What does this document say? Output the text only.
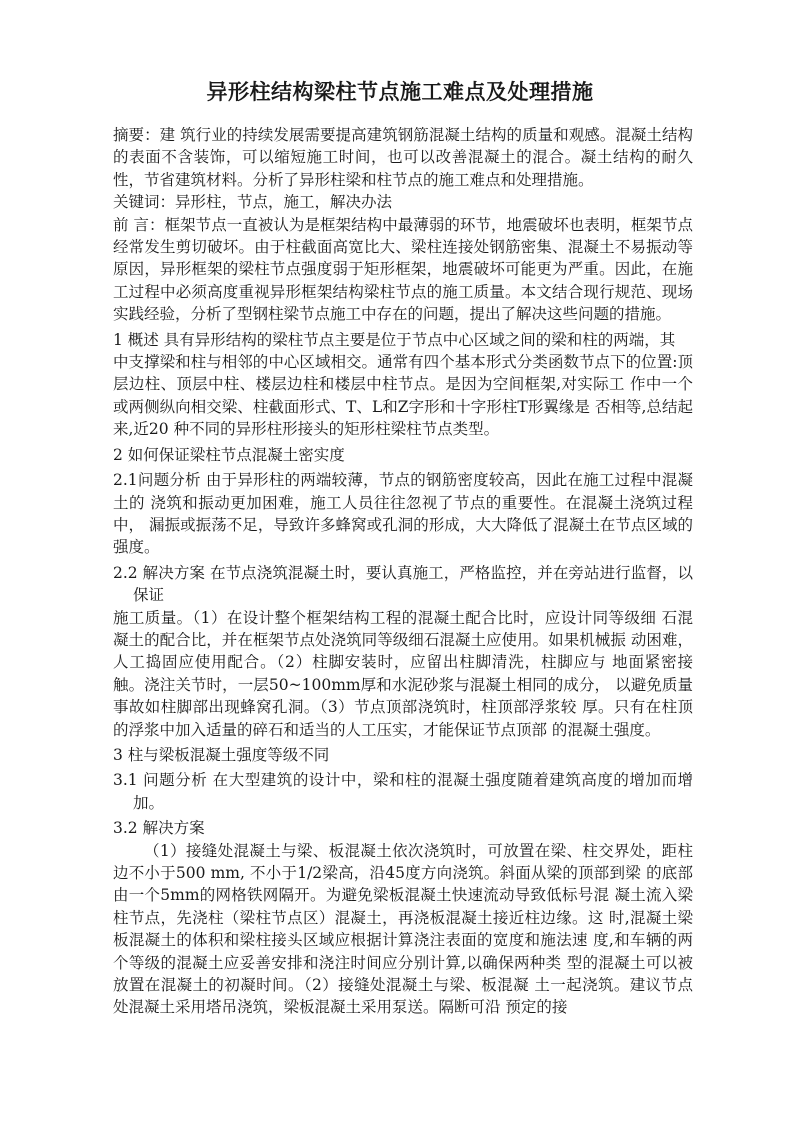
异形柱结构梁柱节点施工难点及处理措施

摘要：建 筑行业的持续发展需要提高建筑钢筋混凝土结构的质量和观感。混凝土结构的表面不含装饰，可以缩短施工时间，也可以改善混凝土的混合。凝土结构的耐久性，节省建筑材料。分析了异形柱梁和柱节点的施工难点和处理措施。

关键词：异形柱，节点，施工，解决办法

前 言：框架节点一直被认为是框架结构中最薄弱的环节，地震破坏也表明，框架节点经常发生剪切破坏。由于柱截面高宽比大、梁柱连接处钢筋密集、混凝土不易振动等原因，异形框架的梁柱节点强度弱于矩形框架，地震破坏可能更为严重。因此，在施工过程中必须高度重视异形框架结构梁柱节点的施工质量。本文结合现行规范、现场实践经验，分析了型钢柱梁节点施工中存在的问题，提出了解决这些问题的措施。

1 概述 具有异形结构的梁柱节点主要是位于节点中心区域之间的梁和柱的两端，其

中支撑梁和柱与相邻的中心区域相交。通常有四个基本形式分类函数节点下的位置:顶层边柱、顶层中柱、楼层边柱和楼层中柱节点。是因为空间框架,对实际工 作中一个或两侧纵向相交梁、柱截面形式、T、L和Z字形和十字形柱T形翼缘是 否相等,总结起来,近20 种不同的异形柱形接头的矩形柱梁柱节点类型。

2 如何保证梁柱节点混凝土密实度

2.1问题分析 由于异形柱的两端较薄，节点的钢筋密度较高，因此在施工过程中混凝土的 浇筑和振动更加困难，施工人员往往忽视了节点的重要性。在混凝土浇筑过程中， 漏振或振荡不足，导致许多蜂窝或孔洞的形成，大大降低了混凝土在节点区域的 强度。

2.2 解决方案 在节点浇筑混凝土时，要认真施工，严格监控，并在旁站进行监督，以保证

施工质量。（1）在设计整个框架结构工程的混凝土配合比时，应设计同等级细 石混凝土的配合比，并在框架节点处浇筑同等级细石混凝土应使用。如果机械振 动困难，人工捣固应使用配合。（2）柱脚安装时，应留出柱脚清洗，柱脚应与 地面紧密接触。浇注关节时，一层50~100mm厚和水泥砂浆与混凝土相同的成分， 以避免质量事故如柱脚部出现蜂窝孔洞。（3）节点顶部浇筑时，柱顶部浮浆较 厚。只有在柱顶的浮浆中加入适量的碎石和适当的人工压实，才能保证节点顶部 的混凝土强度。

3 柱与梁板混凝土强度等级不同

3.1 问题分析 在大型建筑的设计中，梁和柱的混凝土强度随着建筑高度的增加而增加。

3.2 解决方案

（1）接缝处混凝土与梁、板混凝土依次浇筑时，可放置在梁、柱交界处，距柱边不小于500 mm, 不小于1/2梁高，沿45度方向浇筑。斜面从梁的顶部到梁 的底部由一个5mm的网格铁网隔开。为避免梁板混凝土快速流动导致低标号混 凝土流入梁柱节点，先浇柱（梁柱节点区）混凝土，再浇板混凝土接近柱边缘。这 时,混凝土梁板混凝土的体积和梁柱接头区域应根据计算浇注表面的宽度和施法速 度,和车辆的两个等级的混凝土应妥善安排和浇注时间应分别计算,以确保两种类 型的混凝土可以被放置在混凝土的初凝时间。（2）接缝处混凝土与梁、板混凝 土一起浇筑。建议节点处混凝土采用塔吊浇筑，梁板混凝土采用泵送。隔断可沿 预定的接
